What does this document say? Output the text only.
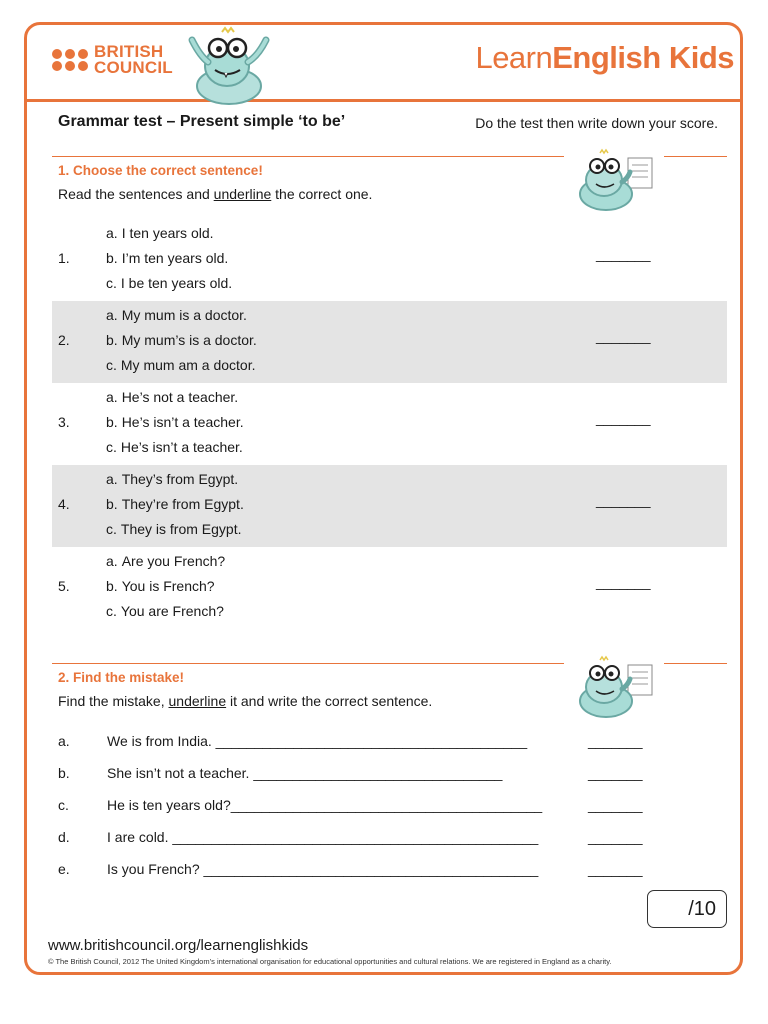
BRITISH
COUNCIL	LearnEnglish Kids
Grammar test – Present simple ‘to be’	Do the test then write down your score.
1. Choose the correct sentence!
Read the sentences and underline the correct one.
1.
a. I ten years old.
b. I’m ten years old.
c. I be ten years old.
_______
2.
a. My mum is a doctor.
b. My mum’s is a doctor.
c. My mum am a doctor.
_______
3.
a. He’s not a teacher.
b. He’s isn’t a teacher.
c. He’s isn’t a teacher.
_______
4.
a. They’s from Egypt.
b. They’re from Egypt.
c. They is from Egypt.
_______
5.
a. Are you French?
b. You is French?
c. You are French?
_______
2. Find the mistake!
Find the mistake, underline it and write the correct sentence.
a.	We is from India. ________________________________________	_______
b.	She isn’t not a teacher. ________________________________	_______
c.	He is ten years old?________________________________________	_______
d.	I are cold. _______________________________________________	_______
e.	Is you French? ___________________________________________	_______
/10
www.britishcouncil.org/learnenglishkids
© The British Council, 2012 The United Kingdom’s international organisation for educational opportunities and cultural relations. We are registered in England as a charity.
